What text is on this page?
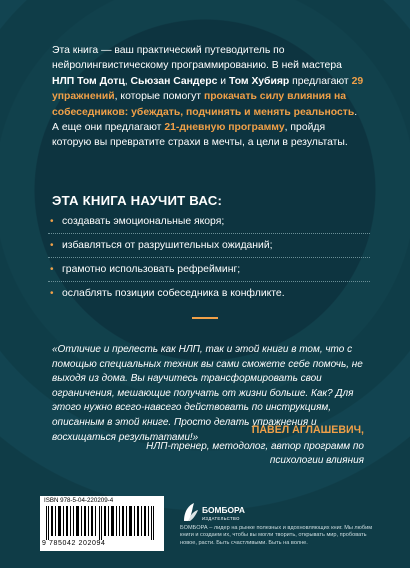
Эта книга — ваш практический путеводитель по нейролингвистическому программированию. В ней мастера НЛП Том Дотц, Сьюзан Сандерс и Том Хубияр предлагают 29 упражнений, которые помогут прокачать силу влияния на собеседников: убеждать, подчинять и менять реальность. А еще они предлагают 21-дневную программу, пройдя которую вы превратите страхи в мечты, а цели в результаты.
ЭТА КНИГА НАУЧИТ ВАС:
• создавать эмоциональные якоря;
• избавляться от разрушительных ожиданий;
• грамотно использовать рефрейминг;
• ослаблять позиции собеседника в конфликте.
«Отличие и прелесть как НЛП, так и этой книги в том, что с помощью специальных техник вы сами сможете себе помочь, не выходя из дома. Вы научитесь трансформировать свои ограничения, мешающие получать от жизни больше. Как? Для этого нужно всего-навсего действовать по инструкциям, описанным в этой книге. Просто делать упражнения и восхищаться результатами!»
ПАВЕЛ АГЛАШЕВИЧ,
НЛП-тренер, методолог, автор программ по психологии влияния
ISBN 978-5-04-220209-4
9 785042 202094
БОМБОРА
ИЗДАТЕЛЬСТВО
БОМБОРА – лидер на рынке полезных и вдохновляющих книг. Мы любим книги и создаем их, чтобы вы могли творить, открывать мир, пробовать новое, расти. Быть счастливыми. Быть на волне.
